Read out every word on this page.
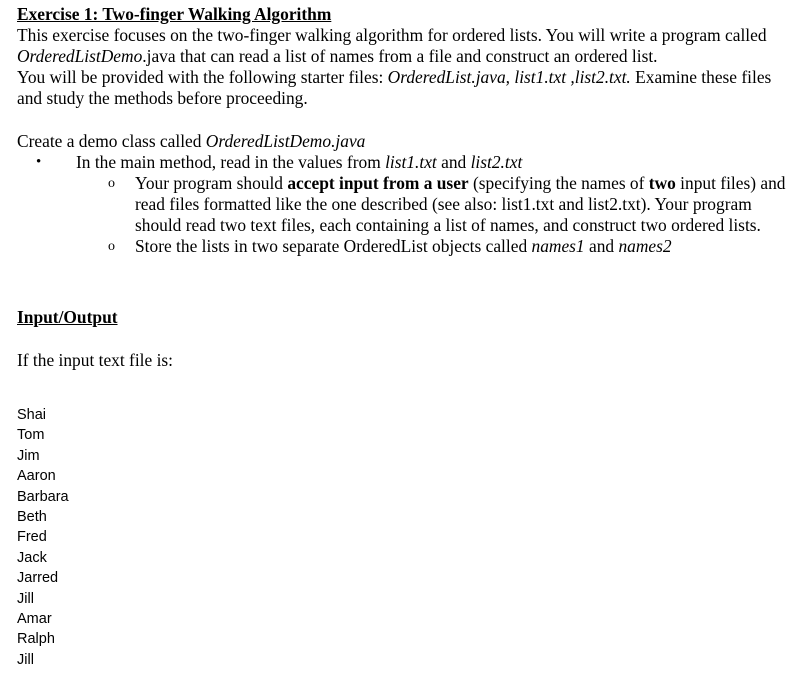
Exercise 1: Two-finger Walking Algorithm

This exercise focuses on the two-finger walking algorithm for ordered lists. You will write a program called OrderedListDemo.java that can read a list of names from a file and construct an ordered list.
You will be provided with the following starter files: OrderedList.java, list1.txt ,list2.txt. Examine these files and study the methods before proceeding.

Create a demo class called OrderedListDemo.java
• In the main method, read in the values from list1.txt and list2.txt
o Your program should accept input from a user (specifying the names of two input files) and read files formatted like the one described (see also: list1.txt and list2.txt). Your program should read two text files, each containing a list of names, and construct two ordered lists.
o Store the lists in two separate OrderedList objects called names1 and names2
Input/Output
If the input text file is:
Shai
Tom
Jim
Aaron
Barbara
Beth
Fred
Jack
Jarred
Jill
Amar
Ralph
Jill
